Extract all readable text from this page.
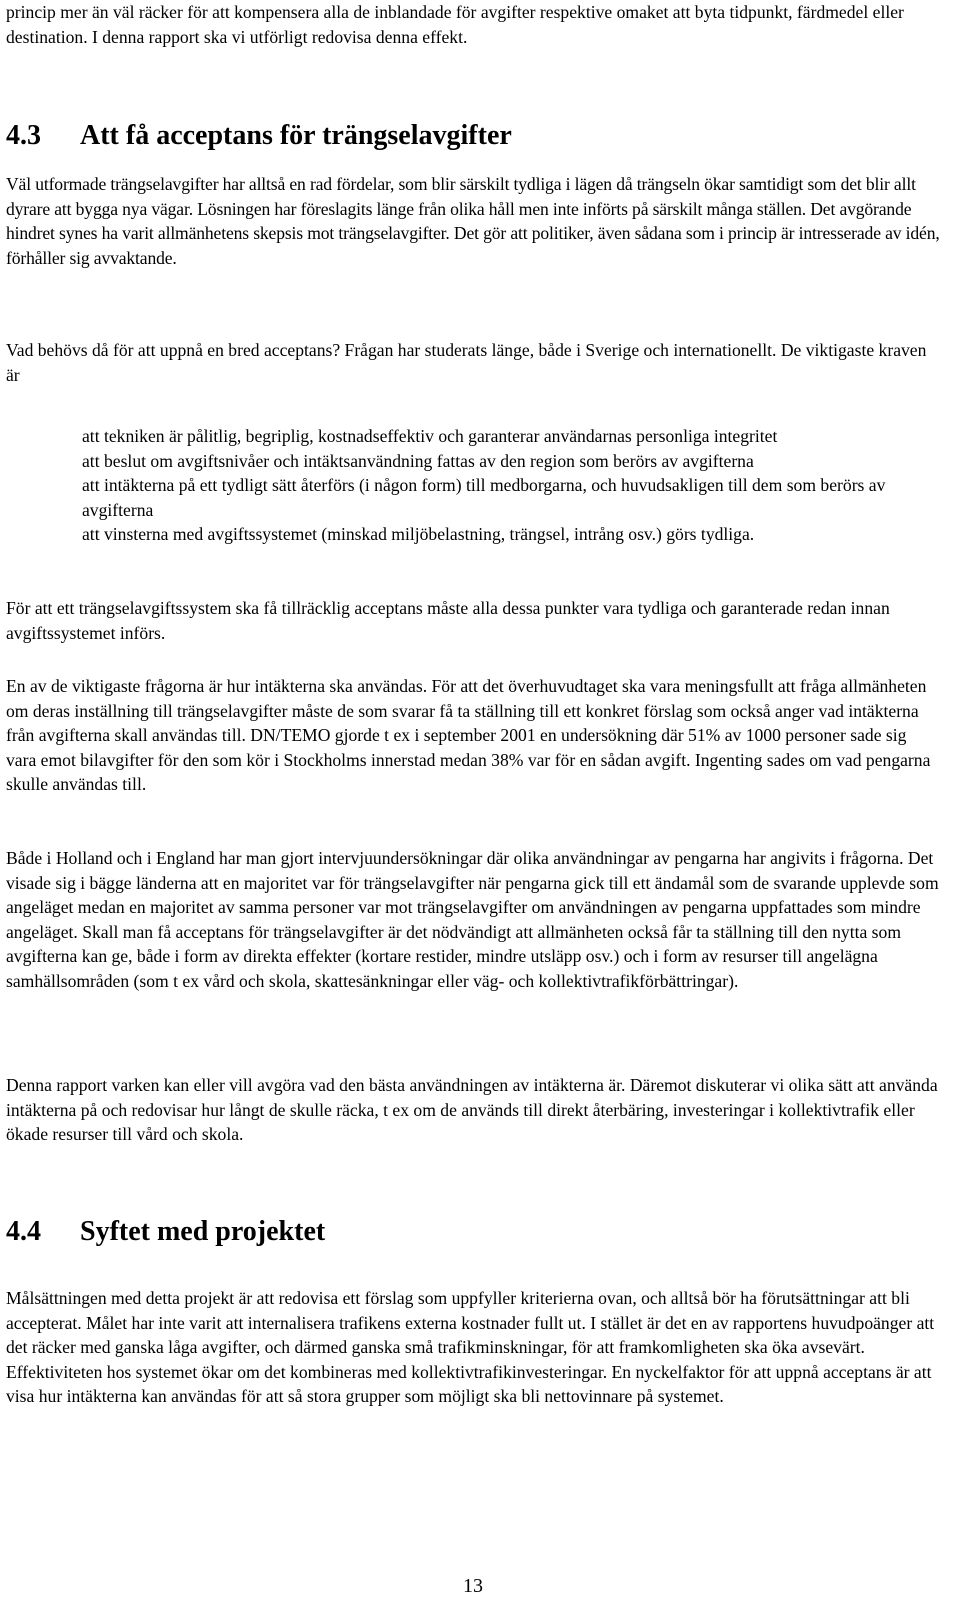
princip mer än väl räcker för att kompensera alla de inblandade för avgifter respektive omaket att byta tidpunkt, färdmedel eller destination. I denna rapport ska vi utförligt redovisa denna effekt.

4.3 Att få acceptans för trängselavgifter

Väl utformade trängselavgifter har alltså en rad fördelar, som blir särskilt tydliga i lägen då trängseln ökar samtidigt som det blir allt dyrare att bygga nya vägar. Lösningen har föreslagits länge från olika håll men inte införts på särskilt många ställen. Det avgörande hindret synes ha varit allmänhetens skepsis mot trängselavgifter. Det gör att politiker, även sådana som i princip är intresserade av idén, förhåller sig avvaktande.

Vad behövs då för att uppnå en bred acceptans? Frågan har studerats länge, både i Sverige och internationellt. De viktigaste kraven är

att tekniken är pålitlig, begriplig, kostnadseffektiv och garanterar användarnas personliga integritet

att beslut om avgiftsnivåer och intäktsanvändning fattas av den region som berörs av avgifterna

att intäkterna på ett tydligt sätt återförs (i någon form) till medborgarna, och huvudsakligen till dem som berörs av avgifterna

att vinsterna med avgiftssystemet (minskad miljöbelastning, trängsel, intrång osv.) görs tydliga.

För att ett trängselavgiftssystem ska få tillräcklig acceptans måste alla dessa punkter vara tydliga och garanterade redan innan avgiftssystemet införs.

En av de viktigaste frågorna är hur intäkterna ska användas. För att det överhuvudtaget ska vara meningsfullt att fråga allmänheten om deras inställning till trängselavgifter måste de som svarar få ta ställning till ett konkret förslag som också anger vad intäkterna från avgifterna skall användas till. DN/TEMO gjorde t ex i september 2001 en undersökning där 51% av 1000 personer sade sig vara emot bilavgifter för den som kör i Stockholms innerstad medan 38% var för en sådan avgift. Ingenting sades om vad pengarna skulle användas till.

Både i Holland och i England har man gjort intervjuundersökningar där olika användningar av pengarna har angivits i frågorna. Det visade sig i bägge länderna att en majoritet var för trängselavgifter när pengarna gick till ett ändamål som de svarande upplevde som angeläget medan en majoritet av samma personer var mot trängselavgifter om användningen av pengarna uppfattades som mindre angeläget. Skall man få acceptans för trängselavgifter är det nödvändigt att allmänheten också får ta ställning till den nytta som avgifterna kan ge, både i form av direkta effekter (kortare restider, mindre utsläpp osv.) och i form av resurser till angelägna samhällsområden (som t ex vård och skola, skattesänkningar eller väg- och kollektivtrafikförbättringar).

Denna rapport varken kan eller vill avgöra vad den bästa användningen av intäkterna är. Däremot diskuterar vi olika sätt att använda intäkterna på och redovisar hur långt de skulle räcka, t ex om de används till direkt återbäring, investeringar i kollektivtrafik eller ökade resurser till vård och skola.

4.4 Syftet med projektet

Målsättningen med detta projekt är att redovisa ett förslag som uppfyller kriterierna ovan, och alltså bör ha förutsättningar att bli accepterat. Målet har inte varit att internalisera trafikens externa kostnader fullt ut. I stället är det en av rapportens huvudpoänger att det räcker med ganska låga avgifter, och därmed ganska små trafikminskningar, för att framkomligheten ska öka avsevärt. Effektiviteten hos systemet ökar om det kombineras med kollektivtrafikinvesteringar. En nyckelfaktor för att uppnå acceptans är att visa hur intäkterna kan användas för att så stora grupper som möjligt ska bli nettovinnare på systemet.

13
